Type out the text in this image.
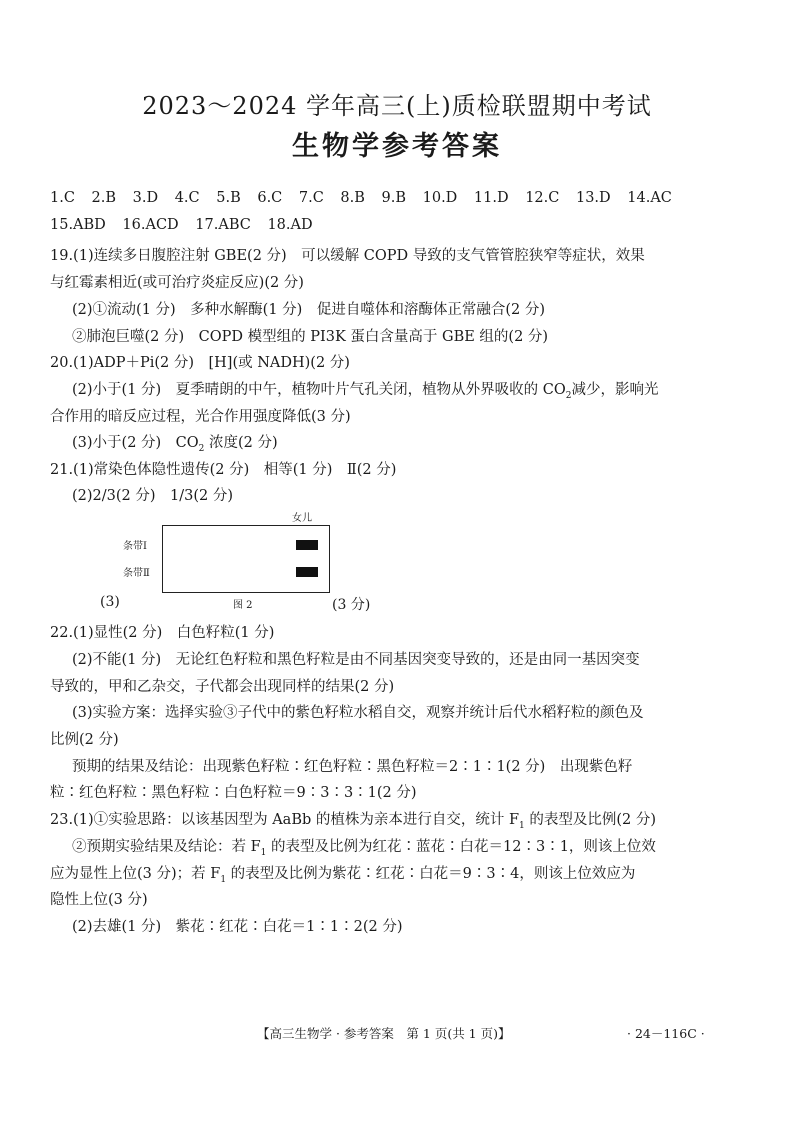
2023～2024 学年高三(上)质检联盟期中考试
生物学参考答案
1.C 2.B 3.D 4.C 5.B 6.C 7.C 8.B 9.B 10.D 11.D 12.C 13.D 14.AC
15.ABD 16.ACD 17.ABC 18.AD
19.(1)连续多日腹腔注射 GBE(2 分)　可以缓解 COPD 导致的支气管管腔狭窄等症状，效果
与红霉素相近(或可治疗炎症反应)(2 分)
(2)①流动(1 分)　多种水解酶(1 分)　促进自噬体和溶酶体正常融合(2 分)
②肺泡巨噬(2 分)　COPD 模型组的 PI3K 蛋白含量高于 GBE 组的(2 分)
20.(1)ADP＋Pi(2 分)　[H](或 NADH)(2 分)
(2)小于(1 分)　夏季晴朗的中午，植物叶片气孔关闭，植物从外界吸收的 $CO_2$减少，影响光
合作用的暗反应过程，光合作用强度降低(3 分)
(3)小于(2 分)　$CO_2$ 浓度(2 分)
21.(1)常染色体隐性遗传(2 分)　相等(1 分)　Ⅱ(2 分)
(2)2/3(2 分)　1/3(2 分)
女儿
条带Ⅰ
条带Ⅱ
图 2
(3)	(3 分)
22.(1)显性(2 分)　白色籽粒(1 分)
(2)不能(1 分)　无论红色籽粒和黑色籽粒是由不同基因突变导致的，还是由同一基因突变
导致的，甲和乙杂交，子代都会出现同样的结果(2 分)
(3)实验方案：选择实验③子代中的紫色籽粒水稻自交，观察并统计后代水稻籽粒的颜色及
比例(2 分)
预期的结果及结论：出现紫色籽粒∶红色籽粒∶黑色籽粒＝2∶1∶1(2 分)　出现紫色籽
粒∶红色籽粒∶黑色籽粒∶白色籽粒＝9∶3∶3∶1(2 分)
23.(1)①实验思路：以该基因型为 AaBb 的植株为亲本进行自交，统计 $F_1$ 的表型及比例(2 分)
②预期实验结果及结论：若 $F_1$ 的表型及比例为红花∶蓝花∶白花＝12∶3∶1，则该上位效
应为显性上位(3 分)；若 $F_1$ 的表型及比例为紫花∶红花∶白花＝9∶3∶4，则该上位效应为
隐性上位(3 分)
(2)去雄(1 分)　紫花∶红花∶白花＝1∶1∶2(2 分)
【高三生物学 · 参考答案　第 1 页(共 1 页)】	· 24－116C ·
